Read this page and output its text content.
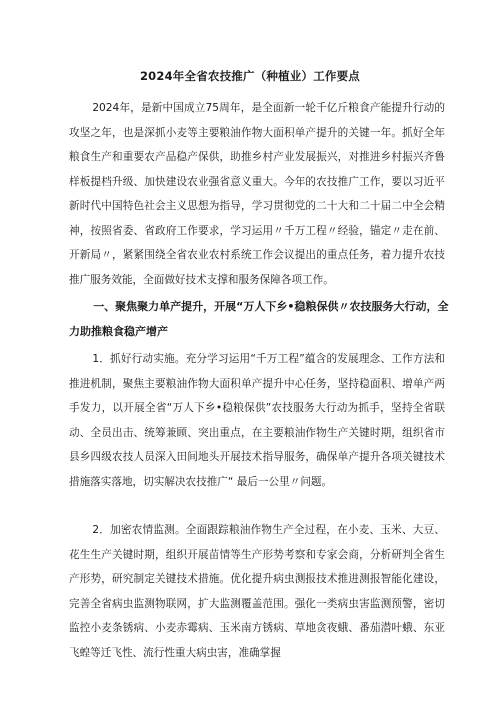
2024年全省农技推广（种植业）工作要点

2024年，是新中国成立75周年，是全面新一轮千亿斤粮食产能提升行动的攻坚之年，也是深抓小麦等主要粮油作物大面积单产提升的关键一年。抓好全年粮食生产和重要农产品稳产保供，助推乡村产业发展振兴，对推进乡村振兴齐鲁样板提档升级、加快建设农业强省意义重大。今年的农技推广工作，要以习近平新时代中国特色社会主义思想为指导，学习贯彻党的二十大和二十届二中全会精神，按照省委、省政府工作要求，学习运用〃千万工程〃经验，锚定〃走在前、开新局〃，紧紧围绕全省农业农村系统工作会议提出的重点任务，着力提升农技推广服务效能，全面做好技术支撑和服务保障各项工作。

一、聚焦聚力单产提升，开展“万人下乡•稳粮保供〃农技服务大行动，全力助推粮食稳产增产

1．抓好行动实施。充分学习运用“千万工程”蕴含的发展理念、工作方法和推进机制，聚焦主要粮油作物大面积单产提升中心任务，坚持稳面积、增单产两手发力，以开展全省“万人下乡•稳粮保供”农技服务大行动为抓手，坚持全省联动、全员出击、统筹兼顾、突出重点，在主要粮油作物生产关键时期，组织省市县乡四级农技人员深入田间地头开展技术指导服务，确保单产提升各项关键技术措施落实落地，切实解决农技推广“ 最后一公里〃问题。

2．加密农情监测。全面跟踪粮油作物生产全过程，在小麦、玉米、大豆、花生生产关键时期，组织开展苗情等生产形势考察和专家会商，分析研判全省生产形势，研究制定关键技术措施。优化提升病虫测报技术推进测报智能化建设，完善全省病虫监测物联网，扩大监测覆盖范围。强化一类病虫害监测预警，密切监控小麦条锈病、小麦赤霉病、玉米南方锈病、草地贪夜蛾、番茄潜叶蛾、东亚飞蝗等迁飞性、流行性重大病虫害，准确掌握
